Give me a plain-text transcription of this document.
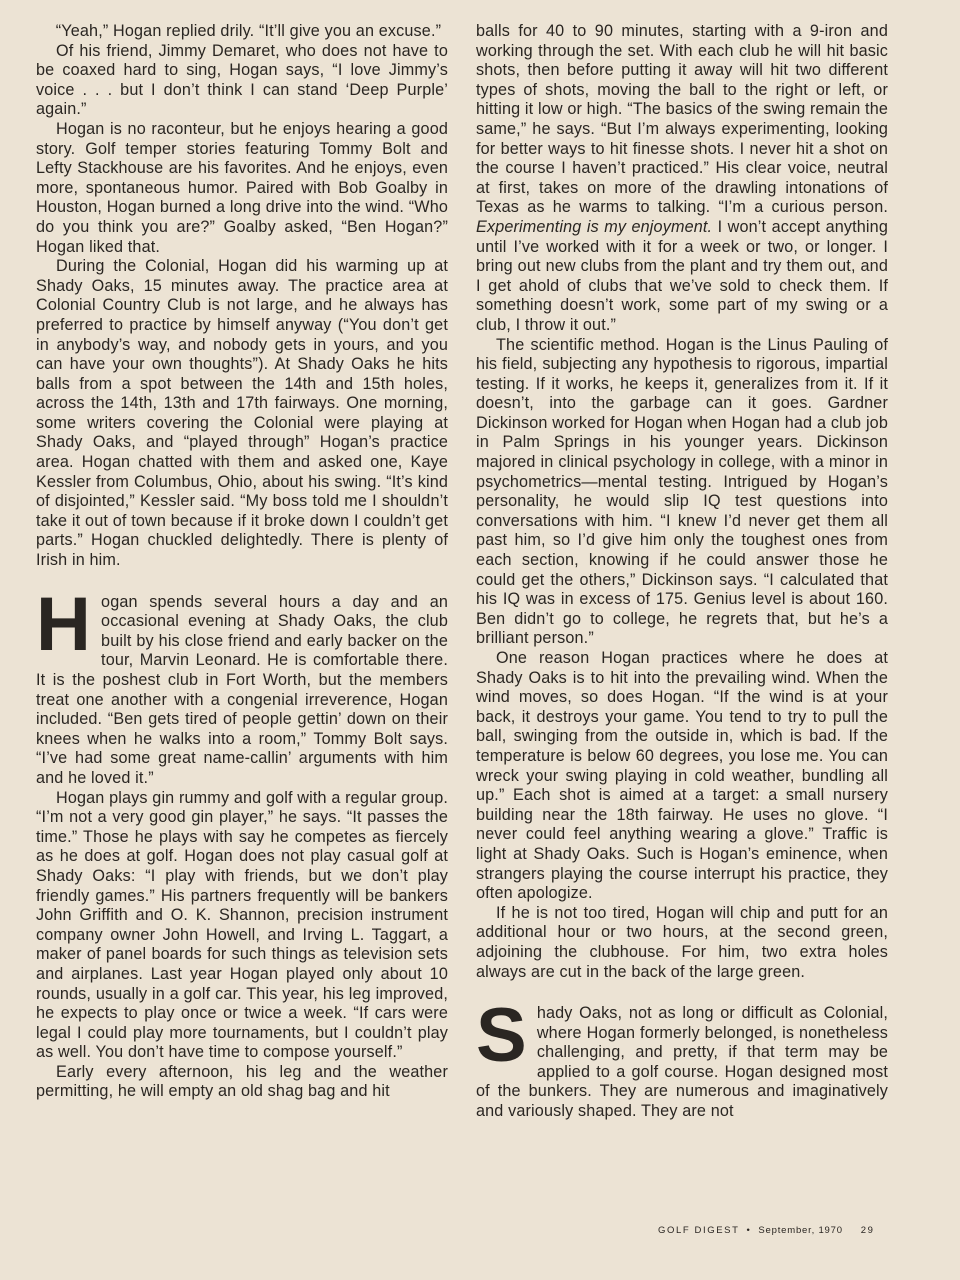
  “Yeah,” Hogan replied drily. “It’ll give you an excuse.”

Of his friend, Jimmy Demaret, who does not have to be coaxed hard to sing, Hogan says, “I love Jimmy’s voice . . . but I don’t think I can stand ‘Deep Purple’ again.”

Hogan is no raconteur, but he enjoys hearing a good story. Golf temper stories featuring Tommy Bolt and Lefty Stackhouse are his favorites. And he enjoys, even more, spontaneous humor. Paired with Bob Goalby in Houston, Hogan burned a long drive into the wind. “Who do you think you are?” Goalby asked, “Ben Hogan?” Hogan liked that.

During the Colonial, Hogan did his warming up at Shady Oaks, 15 minutes away. The practice area at Colonial Country Club is not large, and he always has preferred to practice by himself anyway (“You don’t get in anybody’s way, and nobody gets in yours, and you can have your own thoughts”). At Shady Oaks he hits balls from a spot between the 14th and 15th holes, across the 14th, 13th and 17th fairways. One morning, some writers covering the Colonial were playing at Shady Oaks, and “played through” Hogan’s practice area. Hogan chatted with them and asked one, Kaye Kessler from Columbus, Ohio, about his swing. “It’s kind of disjointed,” Kessler said. “My boss told me I shouldn’t take it out of town because if it broke down I couldn’t get parts.” Hogan chuckled delightedly. There is plenty of Irish in him.

Hogan spends several hours a day and an occasional evening at Shady Oaks, the club built by his close friend and early backer on the tour, Marvin Leonard. He is comfortable there. It is the poshest club in Fort Worth, but the members treat one another with a congenial irreverence, Hogan included. “Ben gets tired of people gettin’ down on their knees when he walks into a room,” Tommy Bolt says. “I’ve had some great name-callin’ arguments with him and he loved it.”

Hogan plays gin rummy and golf with a regular group. “I’m not a very good gin player,” he says. “It passes the time.” Those he plays with say he competes as fiercely as he does at golf. Hogan does not play casual golf at Shady Oaks: “I play with friends, but we don’t play friendly games.” His partners frequently will be bankers John Griffith and O. K. Shannon, precision instrument company owner John Howell, and Irving L. Taggart, a maker of panel boards for such things as television sets and airplanes. Last year Hogan played only about 10 rounds, usually in a golf car. This year, his leg improved, he expects to play once or twice a week. “If cars were legal I could play more tournaments, but I couldn’t play as well. You don’t have time to compose yourself.”

Early every afternoon, his leg and the weather permitting, he will empty an old shag bag and hit

balls for 40 to 90 minutes, starting with a 9-iron and working through the set. With each club he will hit basic shots, then before putting it away will hit two different types of shots, moving the ball to the right or left, or hitting it low or high. “The basics of the swing remain the same,” he says. “But I’m always experimenting, looking for better ways to hit finesse shots. I never hit a shot on the course I haven’t practiced.” His clear voice, neutral at first, takes on more of the drawling intonations of Texas as he warms to talking. “I’m a curious person. Experimenting is my enjoyment. I won’t accept anything until I’ve worked with it for a week or two, or longer. I bring out new clubs from the plant and try them out, and I get ahold of clubs that we’ve sold to check them. If something doesn’t work, some part of my swing or a club, I throw it out.”

The scientific method. Hogan is the Linus Pauling of his field, subjecting any hypothesis to rigorous, impartial testing. If it works, he keeps it, generalizes from it. If it doesn’t, into the garbage can it goes. Gardner Dickinson worked for Hogan when Hogan had a club job in Palm Springs in his younger years. Dickinson majored in clinical psychology in college, with a minor in psychometrics—mental testing. Intrigued by Hogan’s personality, he would slip IQ test questions into conversations with him. “I knew I’d never get them all past him, so I’d give him only the toughest ones from each section, knowing if he could answer those he could get the others,” Dickinson says. “I calculated that his IQ was in excess of 175. Genius level is about 160. Ben didn’t go to college, he regrets that, but he’s a brilliant person.”

One reason Hogan practices where he does at Shady Oaks is to hit into the prevailing wind. When the wind moves, so does Hogan. “If the wind is at your back, it destroys your game. You tend to try to pull the ball, swinging from the outside in, which is bad. If the temperature is below 60 degrees, you lose me. You can wreck your swing playing in cold weather, bundling all up.” Each shot is aimed at a target: a small nursery building near the 18th fairway. He uses no glove. “I never could feel anything wearing a glove.” Traffic is light at Shady Oaks. Such is Hogan’s eminence, when strangers playing the course interrupt his practice, they often apologize.

If he is not too tired, Hogan will chip and putt for an additional hour or two hours, at the second green, adjoining the clubhouse. For him, two extra holes always are cut in the back of the large green.

Shady Oaks, not as long or difficult as Colonial, where Hogan formerly belonged, is nonetheless challenging, and pretty, if that term may be applied to a golf course. Hogan designed most of the bunkers. They are numerous and imaginatively and variously shaped. They are not

GOLF DIGEST • September, 1970 29
